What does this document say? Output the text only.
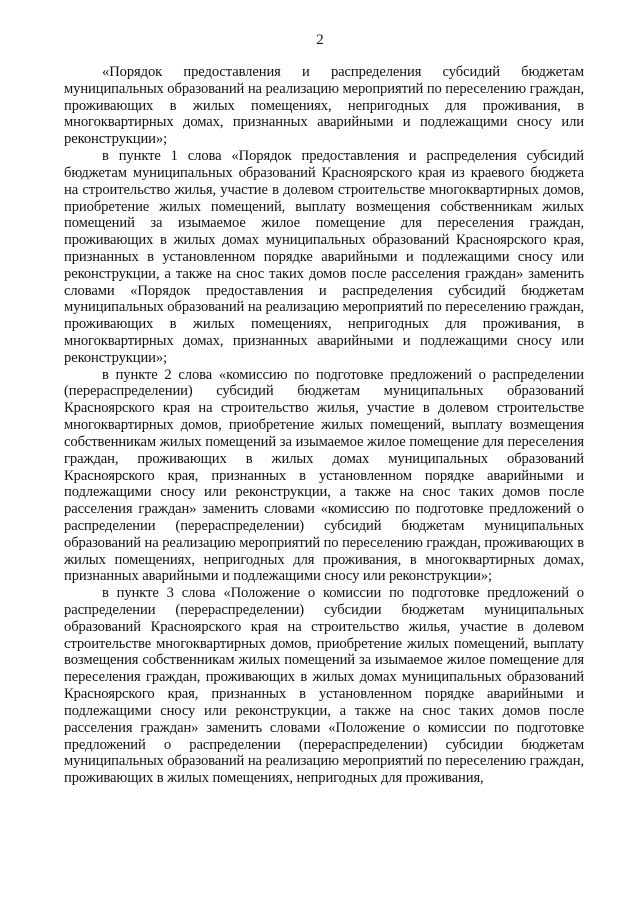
2

«Порядок предоставления и распределения субсидий бюджетам муниципальных образований на реализацию мероприятий по переселению граждан, проживающих в жилых помещениях, непригодных для проживания, в многоквартирных домах, признанных аварийными и подлежащими сносу или реконструкции»;

в пункте 1 слова «Порядок предоставления и распределения субсидий бюджетам муниципальных образований Красноярского края из краевого бюджета на строительство жилья, участие в долевом строительстве многоквартирных домов, приобретение жилых помещений, выплату возмещения собственникам жилых помещений за изымаемое жилое помещение для переселения граждан, проживающих в жилых домах муниципальных образований Красноярского края, признанных в установленном порядке аварийными и подлежащими сносу или реконструкции, а также на снос таких домов после расселения граждан» заменить словами «Порядок предоставления и распределения субсидий бюджетам муниципальных образований на реализацию мероприятий по переселению граждан, проживающих в жилых помещениях, непригодных для проживания, в многоквартирных домах, признанных аварийными и подлежащими сносу или реконструкции»;

в пункте 2 слова «комиссию по подготовке предложений о распределении (перераспределении) субсидий бюджетам муниципальных образований Красноярского края на строительство жилья, участие в долевом строительстве многоквартирных домов, приобретение жилых помещений, выплату возмещения собственникам жилых помещений за изымаемое жилое помещение для переселения граждан, проживающих в жилых домах муниципальных образований Красноярского края, признанных в установленном порядке аварийными и подлежащими сносу или реконструкции, а также на снос таких домов после расселения граждан» заменить словами «комиссию по подготовке предложений о распределении (перераспределении) субсидий бюджетам муниципальных образований на реализацию мероприятий по переселению граждан, проживающих в жилых помещениях, непригодных для проживания, в многоквартирных домах, признанных аварийными и подлежащими сносу или реконструкции»;

в пункте 3 слова «Положение о комиссии по подготовке предложений о распределении (перераспределении) субсидии бюджетам муниципальных образований Красноярского края на строительство жилья, участие в долевом строительстве многоквартирных домов, приобретение жилых помещений, выплату возмещения собственникам жилых помещений за изымаемое жилое помещение для переселения граждан, проживающих в жилых домах муниципальных образований Красноярского края, признанных в установленном порядке аварийными и подлежащими сносу или реконструкции, а также на снос таких домов после расселения граждан» заменить словами «Положение о комиссии по подготовке предложений о распределении (перераспределении) субсидии бюджетам муниципальных образований на реализацию мероприятий по переселению граждан, проживающих в жилых помещениях, непригодных для проживания,
